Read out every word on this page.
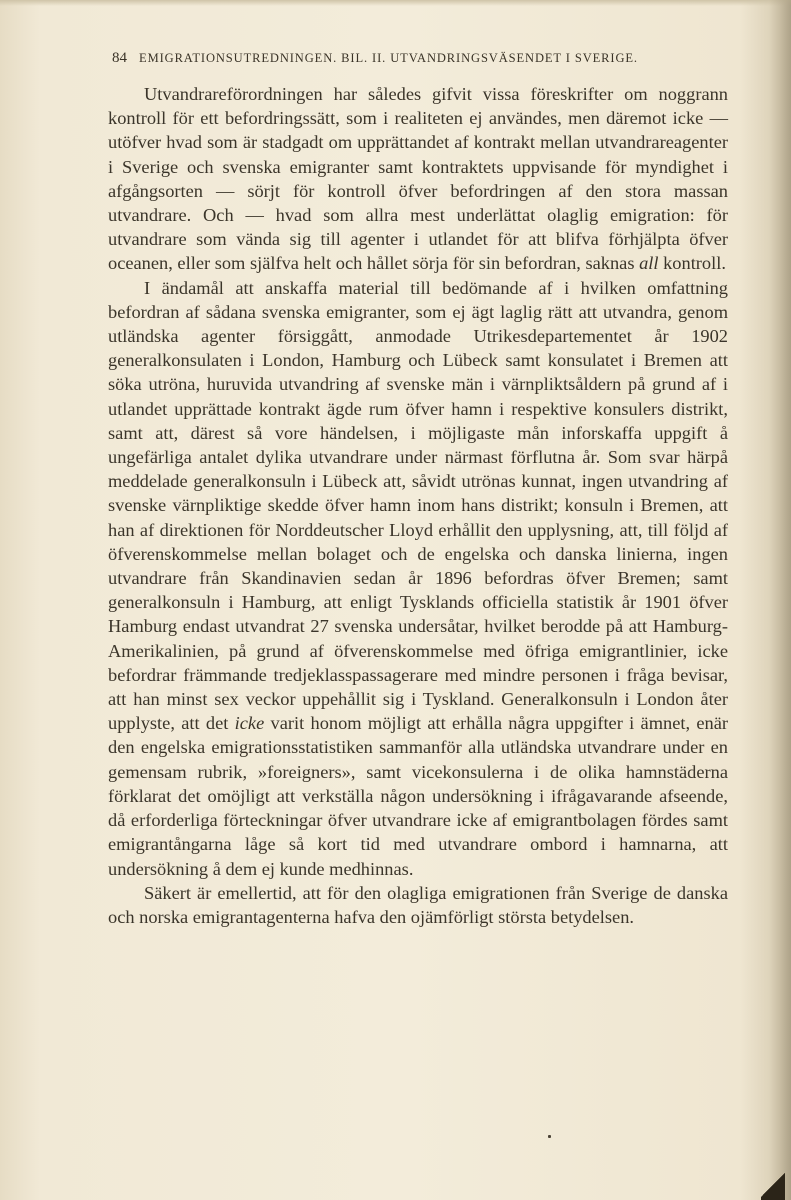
84 EMIGRATIONSUTREDNINGEN. BIL. II. UTVANDRINGSVÄSENDET I SVERIGE.

Utvandrareförordningen har således gifvit vissa föreskrifter om noggrann kontroll för ett befordringssätt, som i realiteten ej användes, men däremot icke — utöfver hvad som är stadgadt om upprättandet af kontrakt mellan utvandrareagenter i Sverige och svenska emigranter samt kontraktets uppvisande för myndighet i afgångsorten — sörjt för kontroll öfver befordringen af den stora massan utvandrare. Och — hvad som allra mest underlättat olaglig emigration: för utvandrare som vända sig till agenter i utlandet för att blifva förhjälpta öfver oceanen, eller som själfva helt och hållet sörja för sin befordran, saknas all kontroll.

I ändamål att anskaffa material till bedömande af i hvilken omfattning befordran af sådana svenska emigranter, som ej ägt laglig rätt att utvandra, genom utländska agenter försiggått, anmodade Utrikesdepartementet år 1902 generalkonsulaten i London, Hamburg och Lübeck samt konsulatet i Bremen att söka utröna, huruvida utvandring af svenske män i värnpliktsåldern på grund af i utlandet upprättade kontrakt ägde rum öfver hamn i respektive konsulers distrikt, samt att, därest så vore händelsen, i möjligaste mån inforskaffa uppgift å ungefärliga antalet dylika utvandrare under närmast förflutna år. Som svar härpå meddelade generalkonsuln i Lübeck att, såvidt utrönas kunnat, ingen utvandring af svenske värnpliktige skedde öfver hamn inom hans distrikt; konsuln i Bremen, att han af direktionen för Norddeutscher Lloyd erhållit den upplysning, att, till följd af öfverenskommelse mellan bolaget och de engelska och danska linierna, ingen utvandrare från Skandinavien sedan år 1896 befordras öfver Bremen; samt generalkonsuln i Hamburg, att enligt Tysklands officiella statistik år 1901 öfver Hamburg endast utvandrat 27 svenska undersåtar, hvilket berodde på att Hamburg-Amerikalinien, på grund af öfverenskommelse med öfriga emigrantlinier, icke befordrar främmande tredjeklasspassagerare med mindre personen i fråga bevisar, att han minst sex veckor uppehållit sig i Tyskland. Generalkonsuln i London åter upplyste, att det icke varit honom möjligt att erhålla några uppgifter i ämnet, enär den engelska emigrationsstatistiken sammanför alla utländska utvandrare under en gemensam rubrik, »foreigners», samt vicekonsulerna i de olika hamnstäderna förklarat det omöjligt att verkställa någon undersökning i ifrågavarande afseende, då erforderliga förteckningar öfver utvandrare icke af emigrantbolagen fördes samt emigrantångarna låge så kort tid med utvandrare ombord i hamnarna, att undersökning å dem ej kunde medhinnas.

Säkert är emellertid, att för den olagliga emigrationen från Sverige de danska och norska emigrantagenterna hafva den ojämförligt största betydelsen.
